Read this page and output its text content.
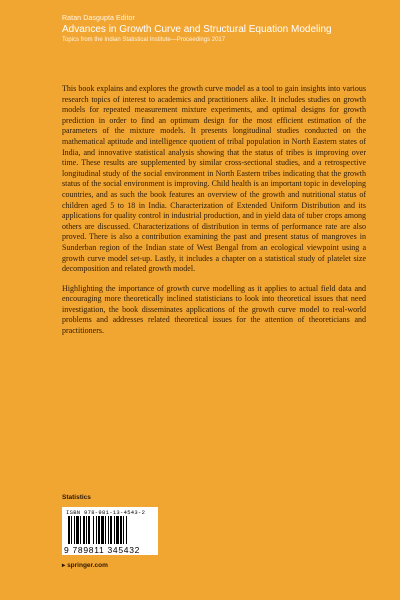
Ratan Dasgupta Editor
Advances in Growth Curve and Structural Equation Modeling
Topics from the Indian Statistical Institute—Proceedings 2017

This book explains and explores the growth curve model as a tool to gain insights into various research topics of interest to academics and practitioners alike. It includes studies on growth models for repeated measurement mixture experiments, and optimal designs for growth prediction in order to find an optimum design for the most efficient estimation of the parameters of the mixture models. It presents longitudinal studies conducted on the mathematical aptitude and intelligence quotient of tribal population in North Eastern states of India, and innovative statistical analysis showing that the status of tribes is improving over time. These results are supplemented by similar cross-sectional studies, and a retrospective longitudinal study of the social environment in North Eastern tribes indicating that the growth status of the social environment is improving. Child health is an important topic in developing countries, and as such the book features an overview of the growth and nutritional status of children aged 5 to 18 in India. Characterization of Extended Uniform Distribution and its applications for quality control in industrial production, and in yield data of tuber crops among others are discussed. Characterizations of distribution in terms of performance rate are also proved. There is also a contribution examining the past and present status of mangroves in Sunderban region of the Indian state of West Bengal from an ecological viewpoint using a growth curve model set-up. Lastly, it includes a chapter on a statistical study of platelet size decomposition and related growth model.

Highlighting the importance of growth curve modelling as it applies to actual field data and encouraging more theoretically inclined statisticians to look into theoretical issues that need investigation, the book disseminates applications of the growth curve model to real-world problems and addresses related theoretical issues for the attention of theoreticians and practitioners.

Statistics
ISBN 978-981-13-4543-2
9 789811 345432
▸ springer.com
